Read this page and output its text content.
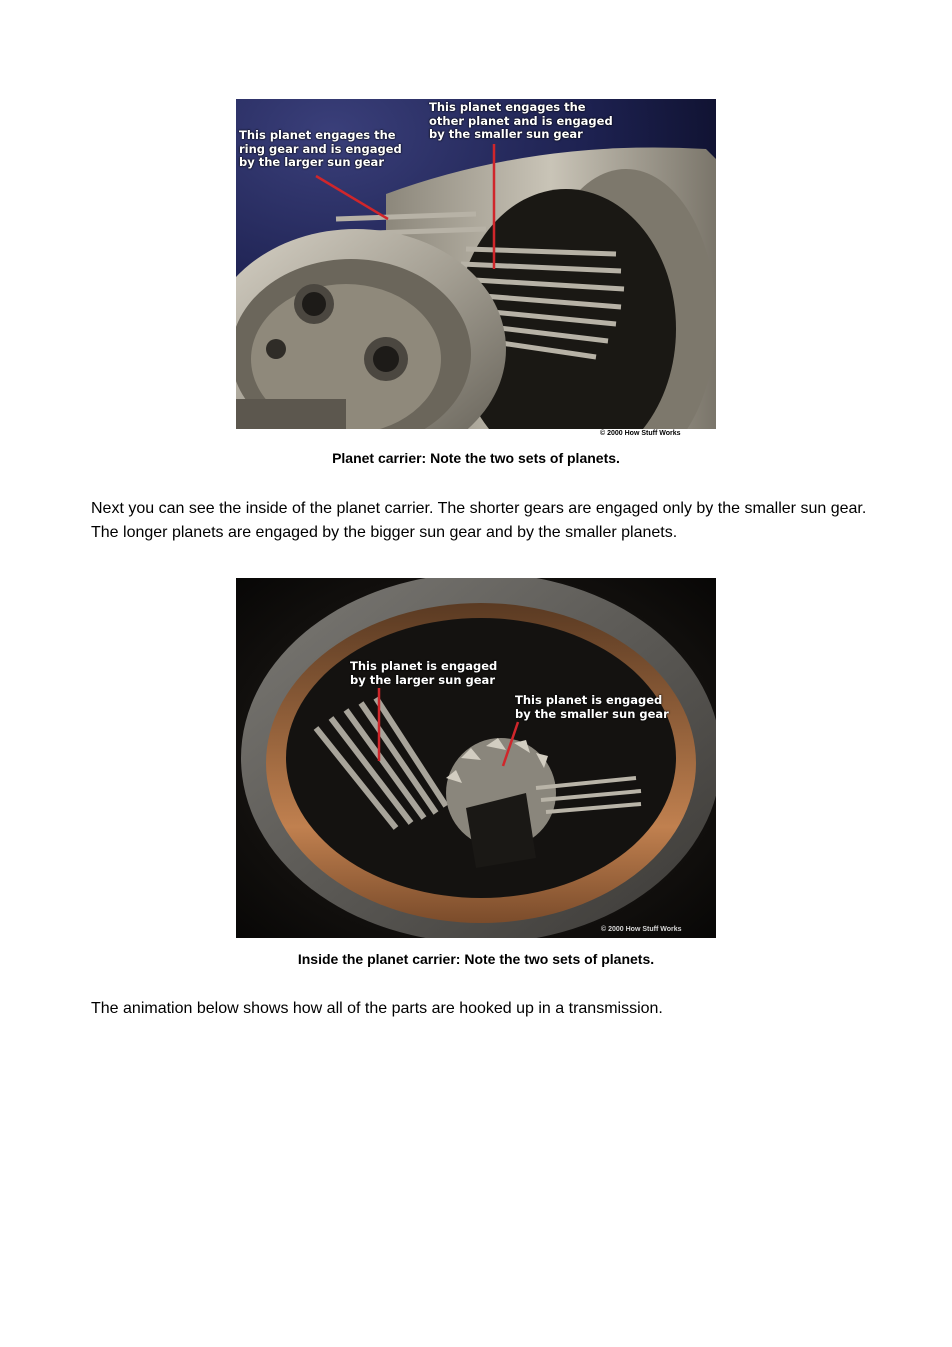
This planet engages the
other planet and is engaged
by the smaller sun gear
This planet engages the
ring gear and is engaged
by the larger sun gear
© 2000 How Stuff Works
Planet carrier: Note the two sets of planets.
Next you can see the inside of the planet carrier. The shorter gears are engaged only by the smaller sun gear. The longer planets are engaged by the bigger sun gear and by the smaller planets.
This planet is engaged
by the larger sun gear
This planet is engaged
by the smaller sun gear
© 2000 How Stuff Works
Inside the planet carrier: Note the two sets of planets.
The animation below shows how all of the parts are hooked up in a transmission.
